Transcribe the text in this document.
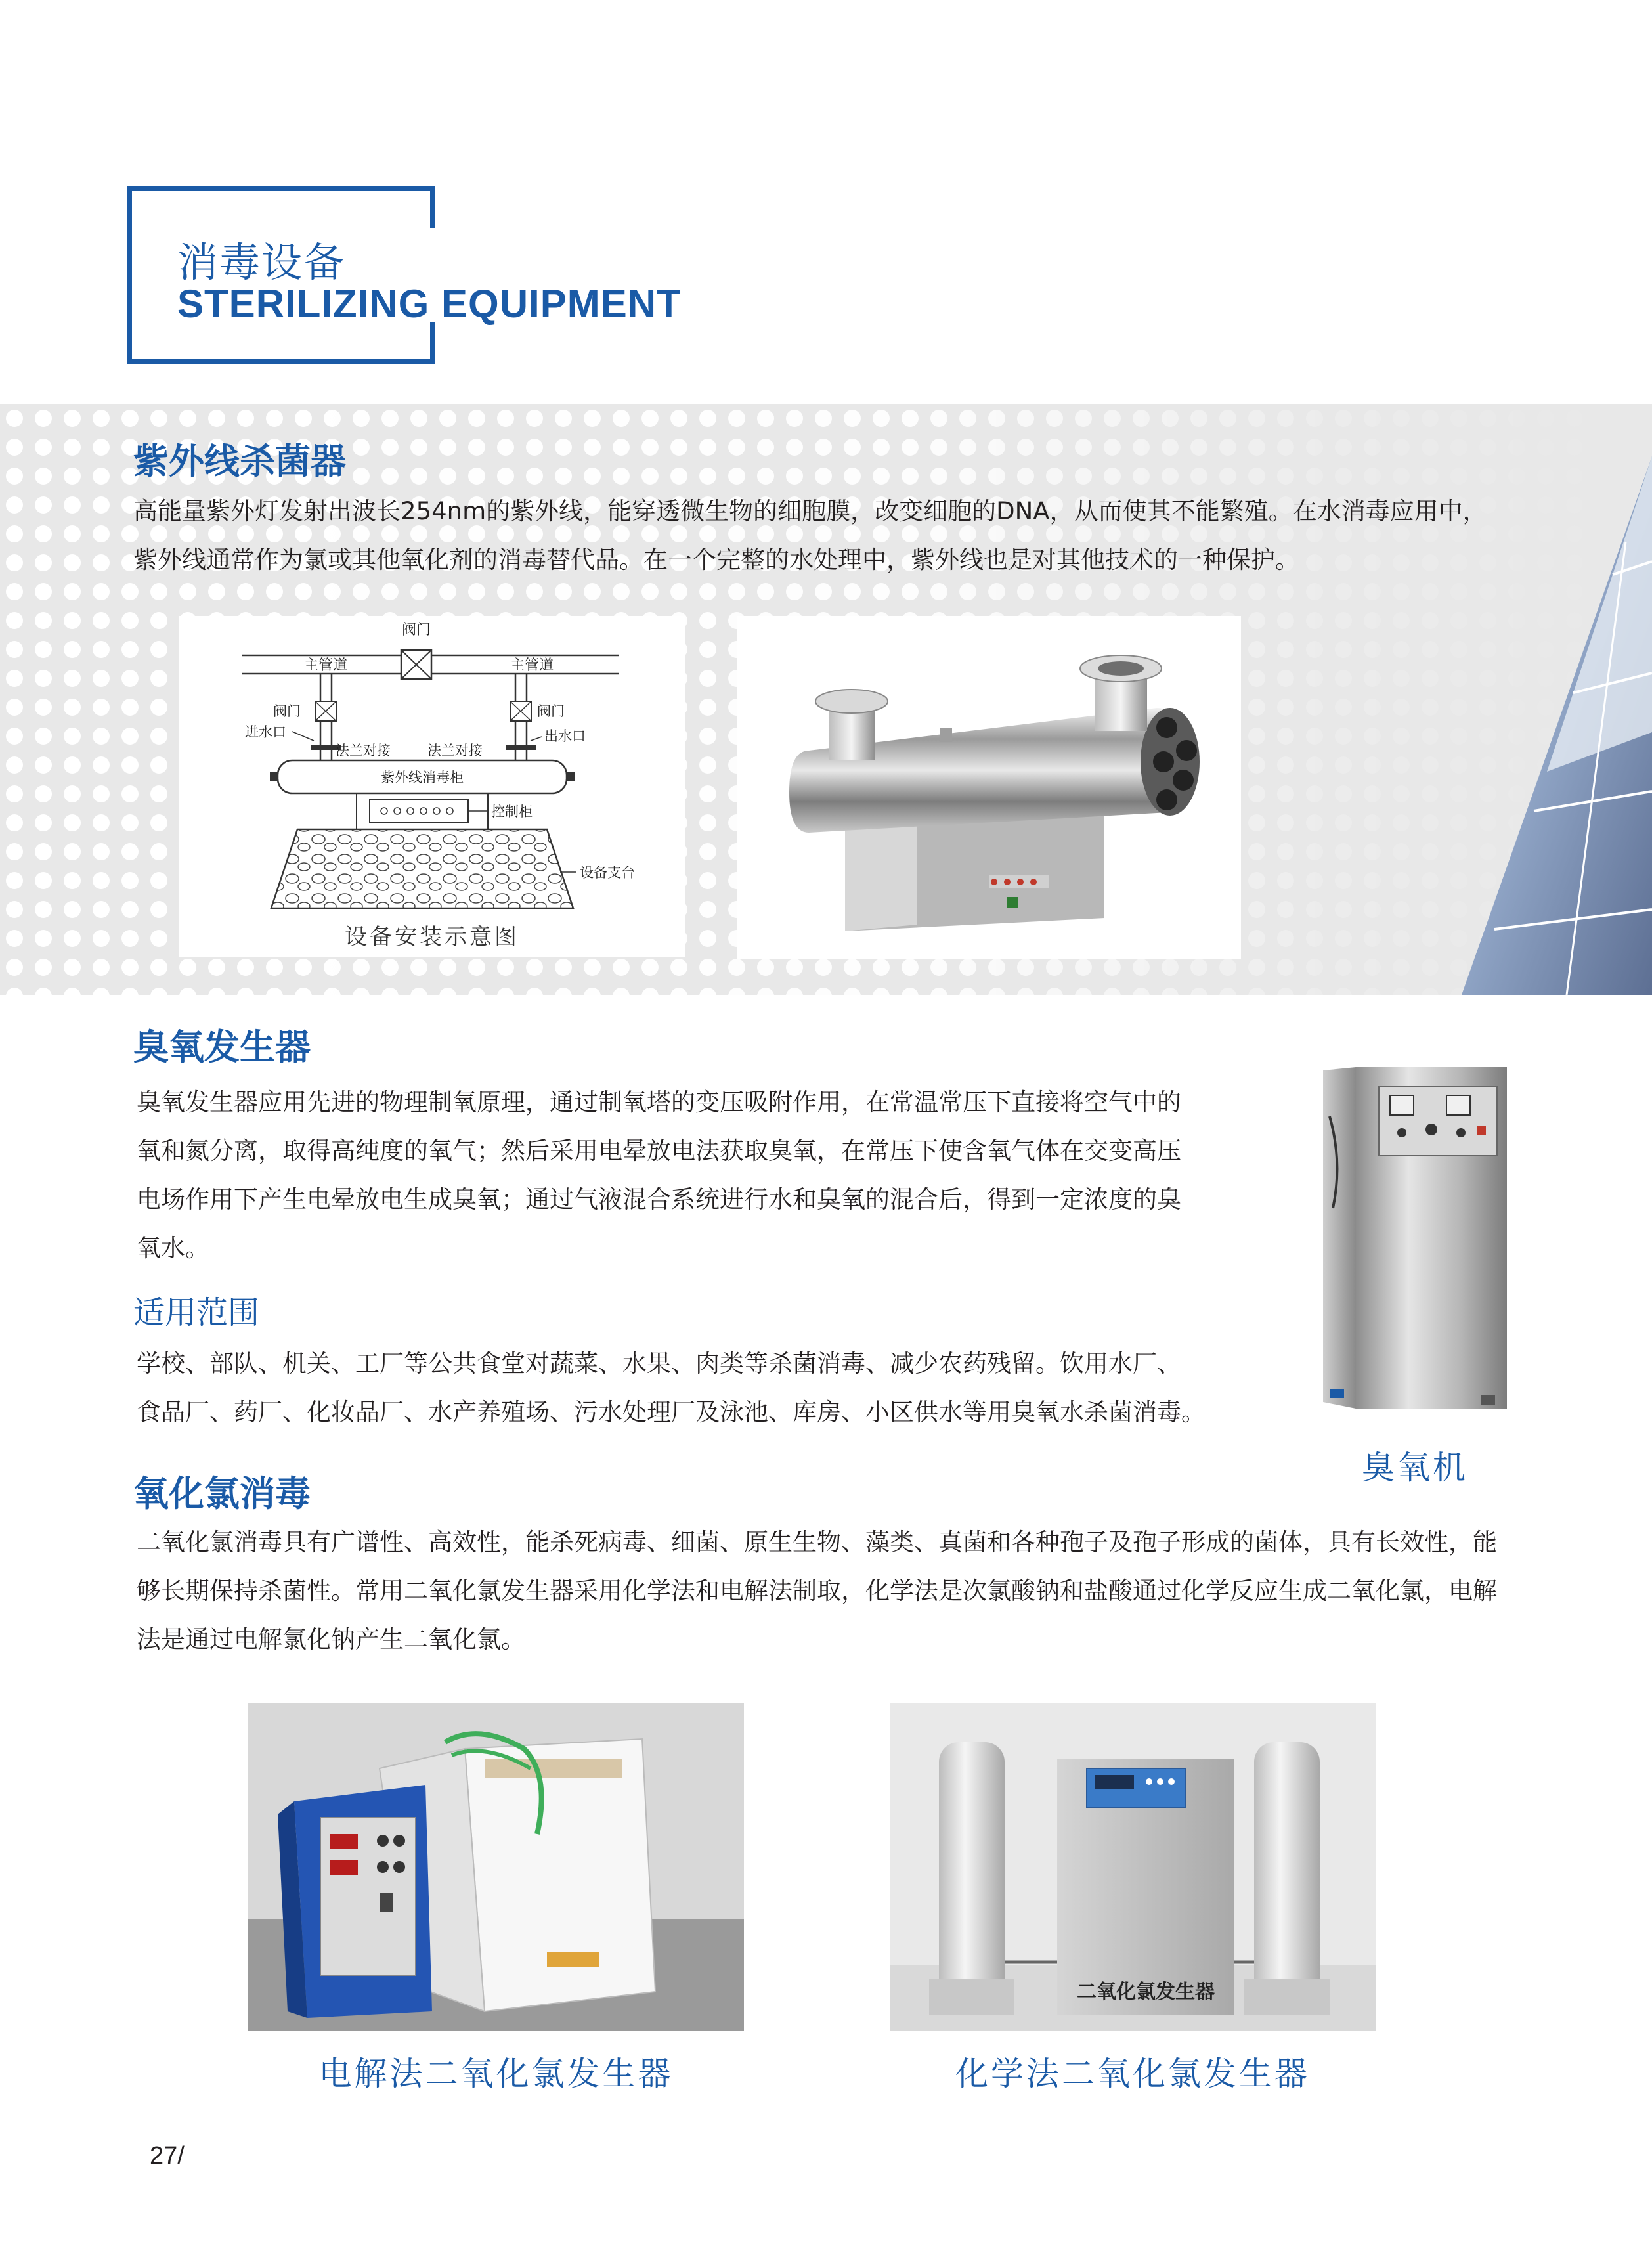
消毒设备
STERILIZING EQUIPMENT
紫外线杀菌器
高能量紫外灯发射出波长254nm的紫外线，能穿透微生物的细胞膜，改变细胞的DNA，从而使其不能繁殖。在水消毒应用中，
紫外线通常作为氯或其他氧化剂的消毒替代品。在一个完整的水处理中，紫外线也是对其他技术的一种保护。
阀门
主管道	主管道
阀门	阀门
进水口	出水口
法兰对接	法兰对接
紫外线消毒柜
控制柜
设备支台
设备安装示意图
臭氧发生器
臭氧发生器应用先进的物理制氧原理，通过制氧塔的变压吸附作用，在常温常压下直接将空气中的
氧和氮分离，取得高纯度的氧气；然后采用电晕放电法获取臭氧，在常压下使含氧气体在交变高压
电场作用下产生电晕放电生成臭氧；通过气液混合系统进行水和臭氧的混合后，得到一定浓度的臭
氧水。
适用范围
学校、部队、机关、工厂等公共食堂对蔬菜、水果、肉类等杀菌消毒、减少农药残留。饮用水厂、
食品厂、药厂、化妆品厂、水产养殖场、污水处理厂及泳池、库房、小区供水等用臭氧水杀菌消毒。
臭氧机
氧化氯消毒
二氧化氯消毒具有广谱性、高效性，能杀死病毒、细菌、原生生物、藻类、真菌和各种孢子及孢子形成的菌体，具有长效性，能
够长期保持杀菌性。常用二氧化氯发生器采用化学法和电解法制取，化学法是次氯酸钠和盐酸通过化学反应生成二氧化氯，电解
法是通过电解氯化钠产生二氧化氯。
电解法二氧化氯发生器
二氧化氯发生器
化学法二氧化氯发生器
27/
